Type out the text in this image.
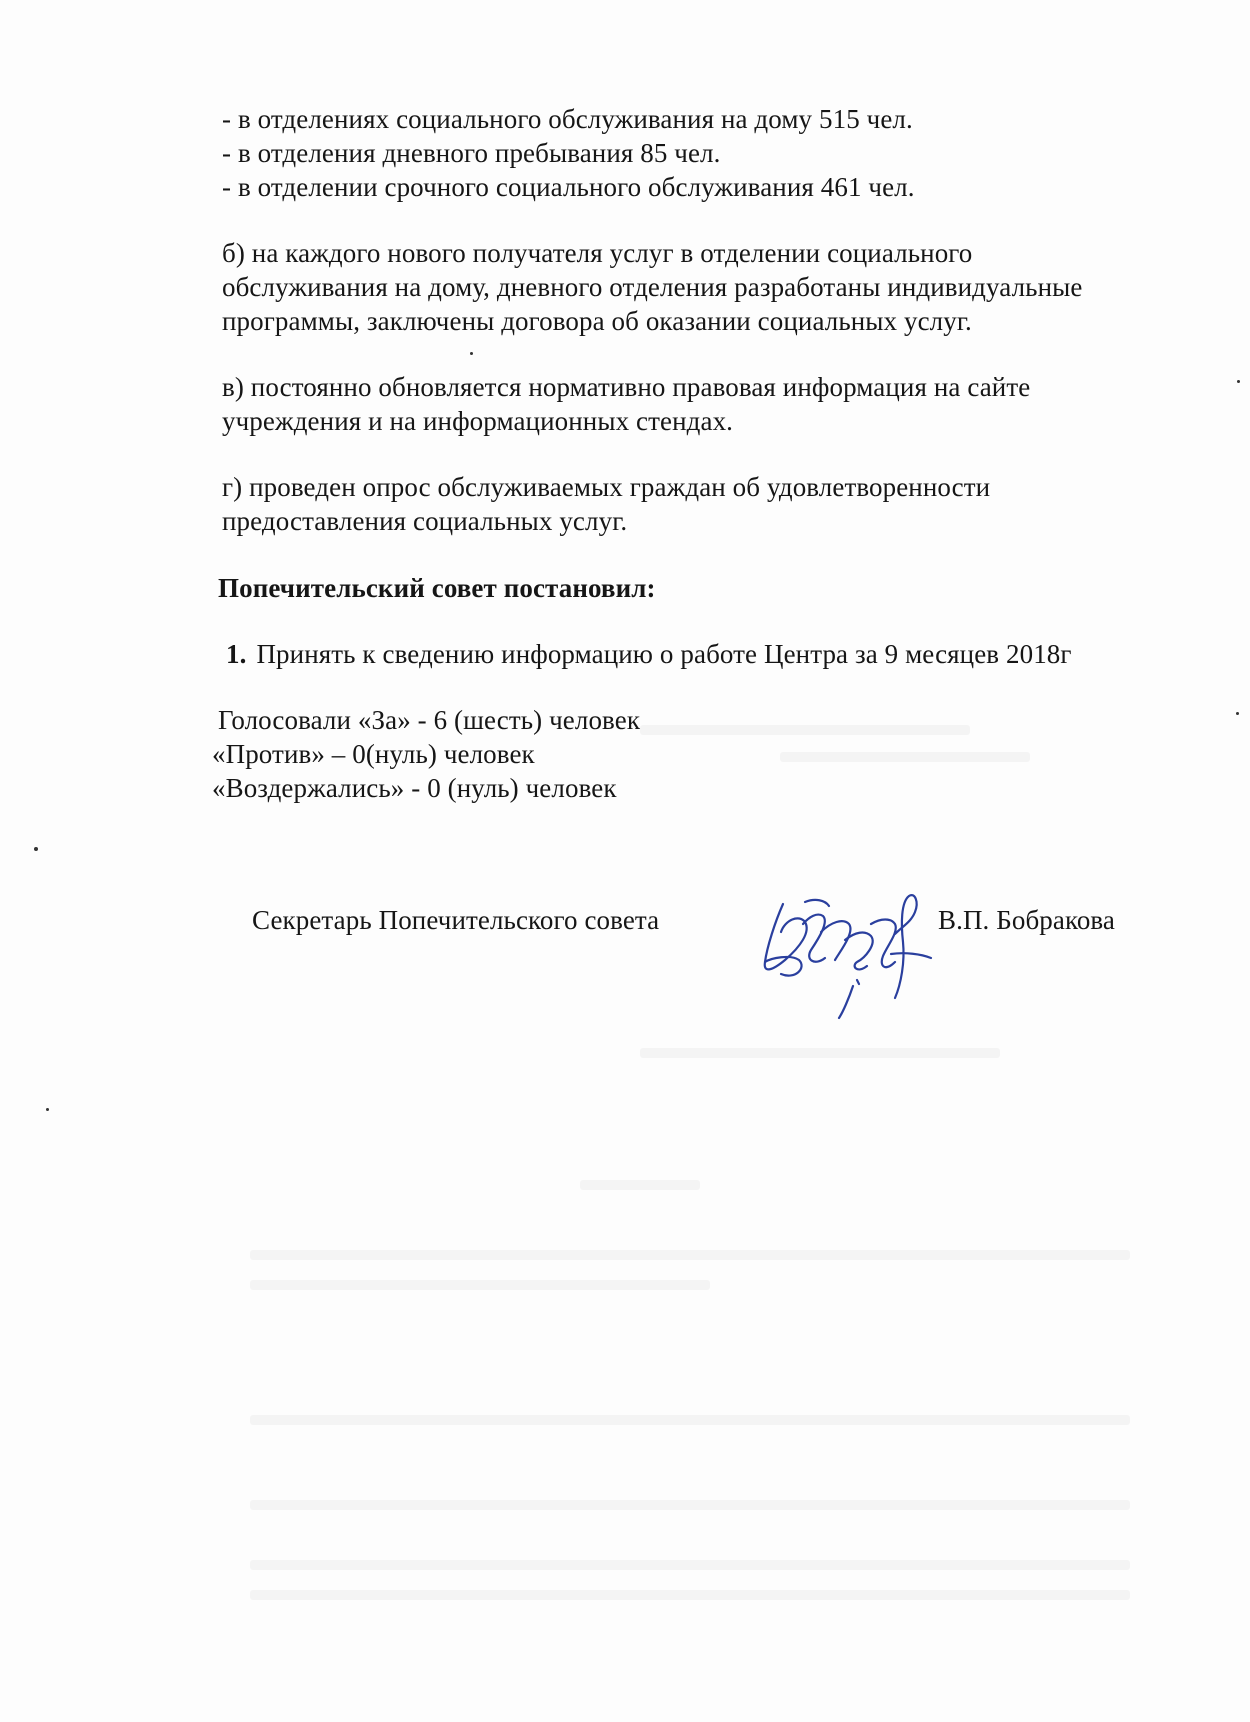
- в отделениях социального обслуживания на дому 515 чел.
- в отделения дневного пребывания 85 чел.
- в отделении срочного социального обслуживания 461 чел.
б) на каждого нового получателя услуг в отделении социального
обслуживания на дому, дневного отделения разработаны индивидуальные
программы, заключены договора об оказании социальных услуг.
в) постоянно обновляется нормативно правовая информация на сайте
учреждения и на информационных стендах.
г) проведен опрос обслуживаемых граждан об удовлетворенности
предоставления социальных услуг.
Попечительский совет постановил:
1. Принять к сведению информацию о работе Центра за 9 месяцев 2018г
Голосовали «За» - 6 (шесть) человек
«Против» – 0(нуль) человек
«Воздержались» - 0 (нуль) человек
Секретарь Попечительского совета	В.П. Бобракова
